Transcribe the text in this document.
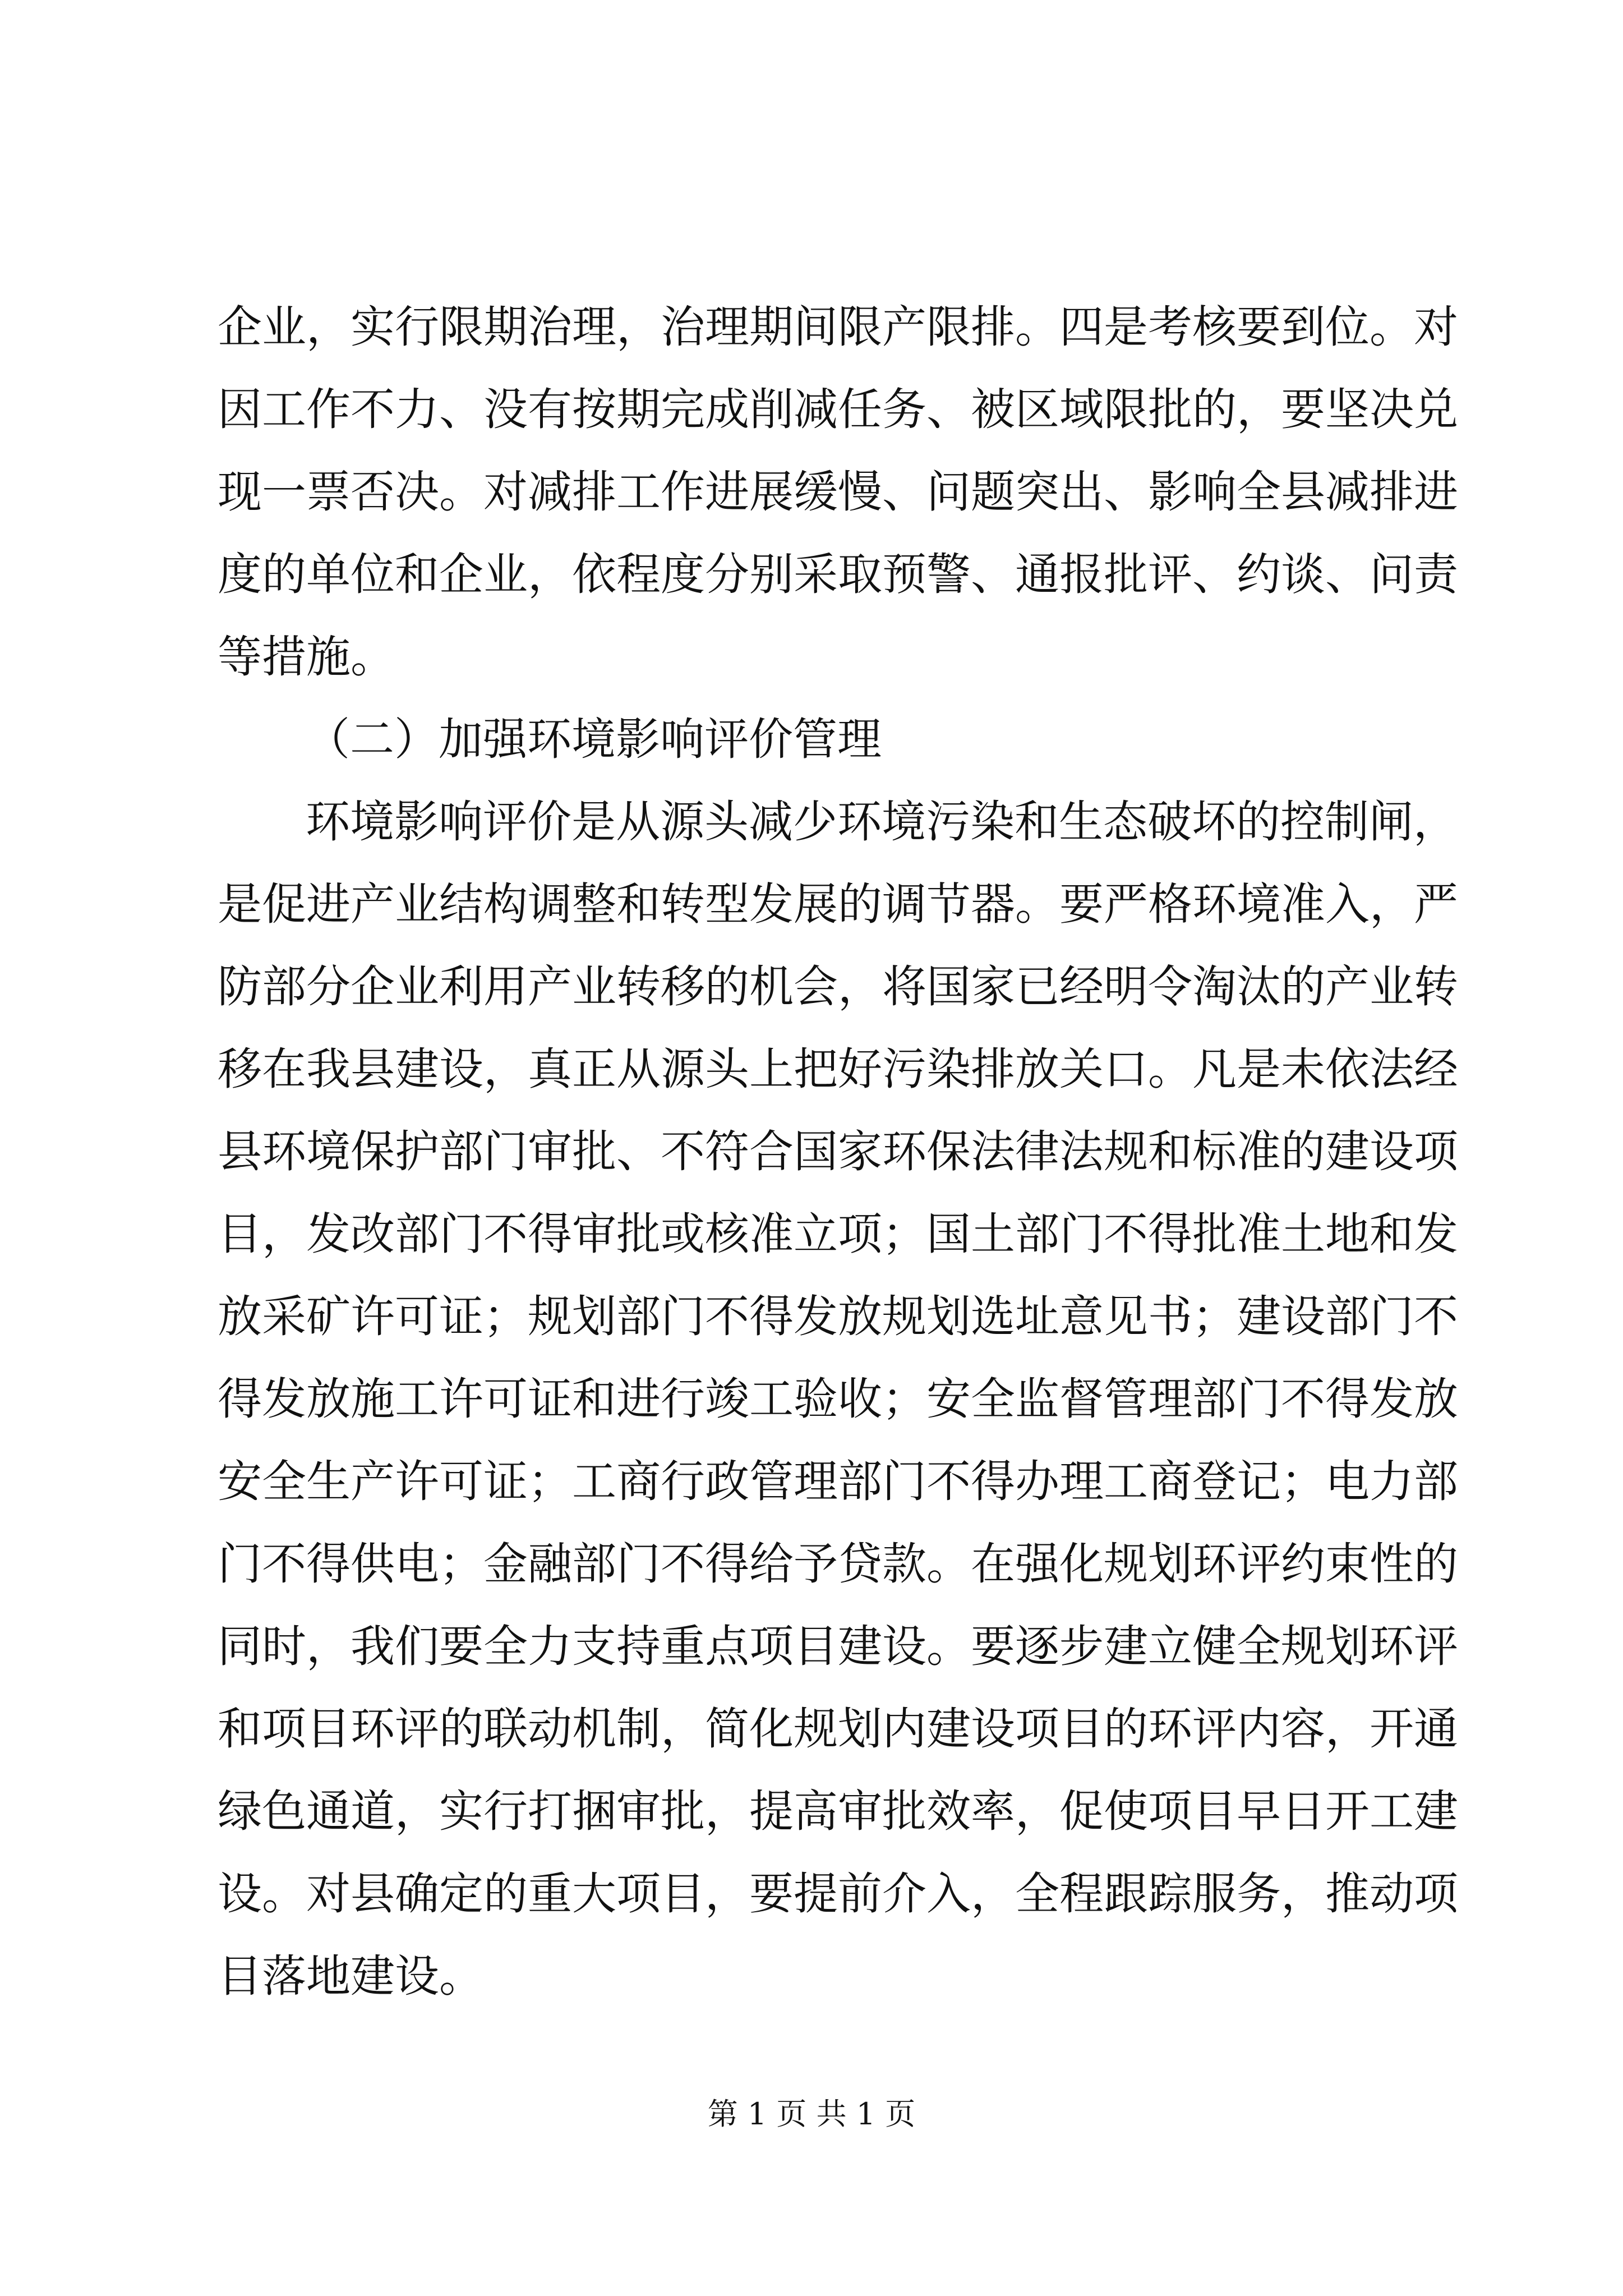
企业，实行限期治理，治理期间限产限排。四是考核要到位。对
因工作不力、没有按期完成削减任务、被区域限批的，要坚决兑
现一票否决。对减排工作进展缓慢、问题突出、影响全县减排进
度的单位和企业，依程度分别采取预警、通报批评、约谈、问责
等措施。
（二）加强环境影响评价管理
环境影响评价是从源头减少环境污染和生态破坏的控制闸，
是促进产业结构调整和转型发展的调节器。要严格环境准入，严
防部分企业利用产业转移的机会，将国家已经明令淘汰的产业转
移在我县建设，真正从源头上把好污染排放关口。凡是未依法经
县环境保护部门审批、不符合国家环保法律法规和标准的建设项
目，发改部门不得审批或核准立项；国土部门不得批准土地和发
放采矿许可证；规划部门不得发放规划选址意见书；建设部门不
得发放施工许可证和进行竣工验收；安全监督管理部门不得发放
安全生产许可证；工商行政管理部门不得办理工商登记；电力部
门不得供电；金融部门不得给予贷款。在强化规划环评约束性的
同时，我们要全力支持重点项目建设。要逐步建立健全规划环评
和项目环评的联动机制，简化规划内建设项目的环评内容，开通
绿色通道，实行打捆审批，提高审批效率，促使项目早日开工建
设。对县确定的重大项目，要提前介入，全程跟踪服务，推动项
目落地建设。
第 1 页 共 1 页
